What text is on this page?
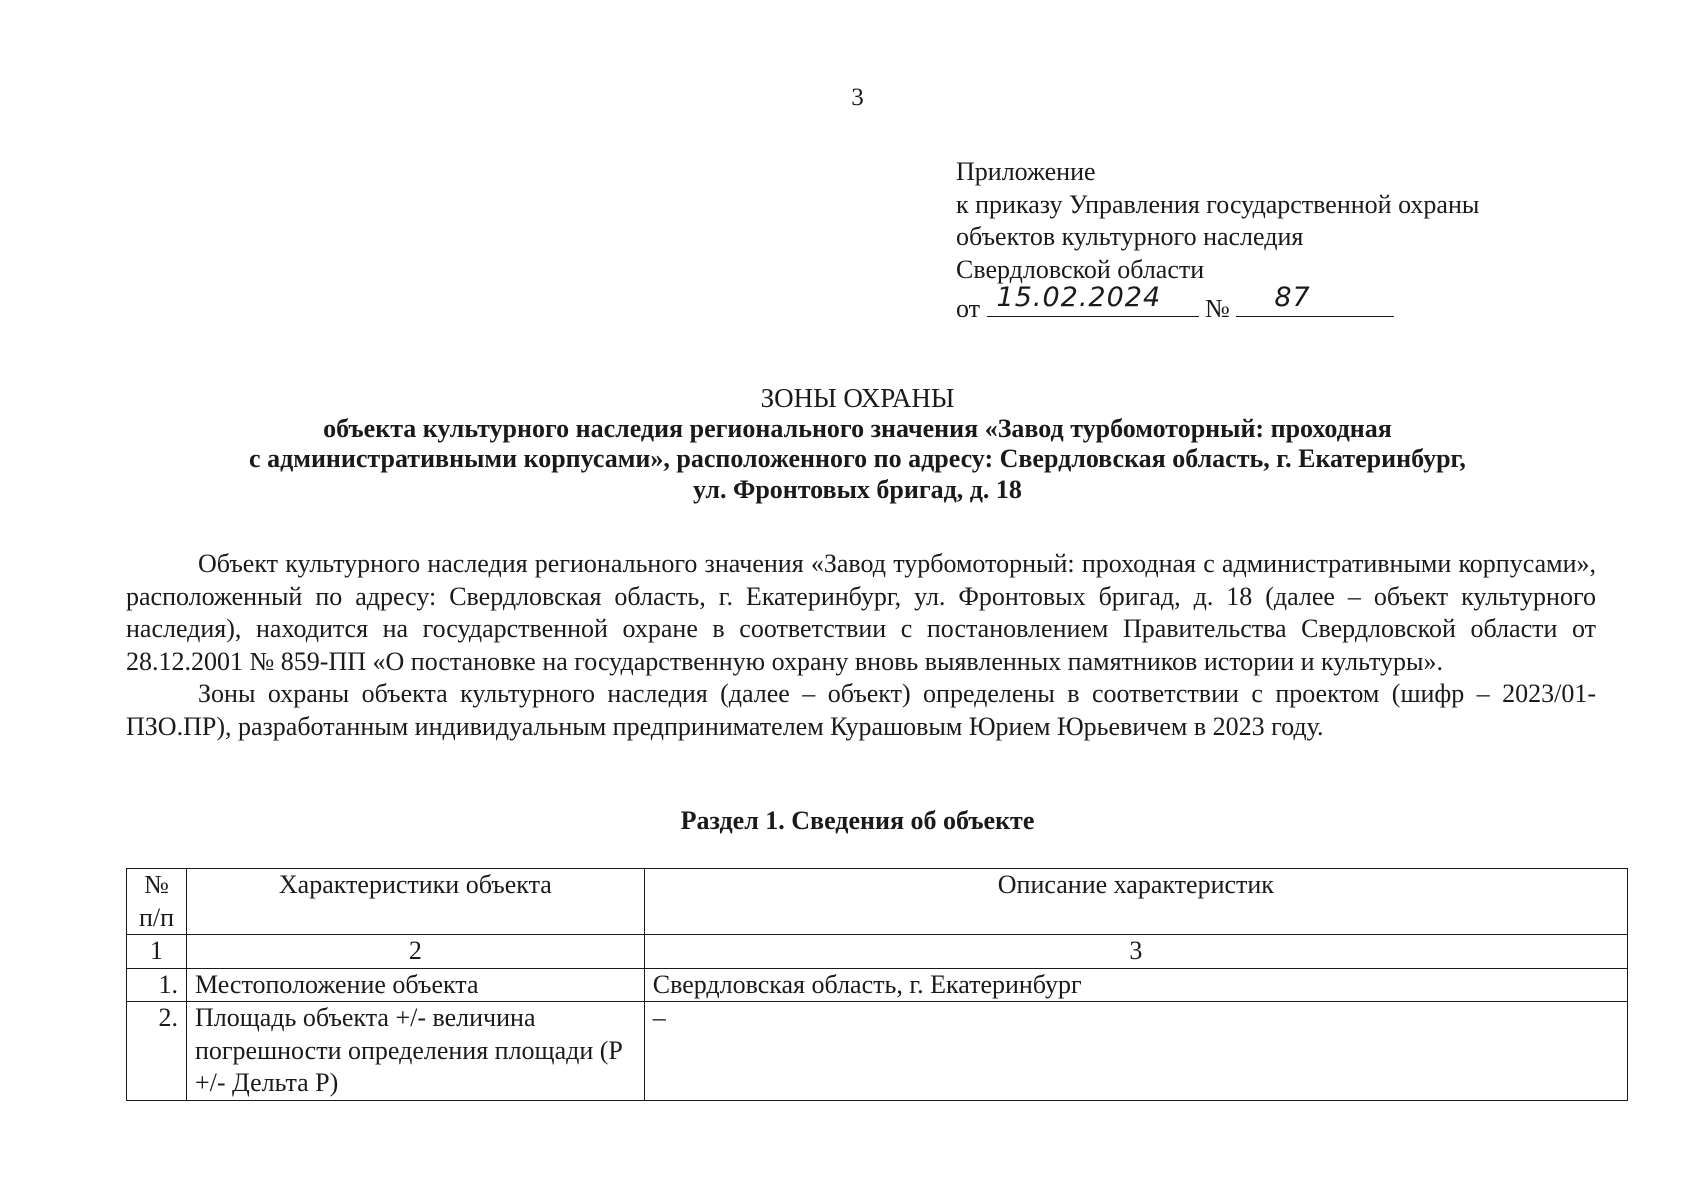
3
Приложение
к приказу Управления государственной охраны
объектов культурного наследия
Свердловской области
от 15.02.2024 № 87
ЗОНЫ ОХРАНЫ
объекта культурного наследия регионального значения «Завод турбомоторный: проходная
с административными корпусами», расположенного по адресу: Свердловская область, г. Екатеринбург,
ул. Фронтовых бригад, д. 18

Объект культурного наследия регионального значения «Завод турбомоторный: проходная с административными корпусами», расположенный по адресу: Свердловская область, г. Екатеринбург, ул. Фронтовых бригад, д. 18 (далее – объект культурного наследия), находится на государственной охране в соответствии с постановлением Правительства Свердловской области от 28.12.2001 № 859-ПП «О постановке на государственную охрану вновь выявленных памятников истории и культуры».

Зоны охраны объекта культурного наследия (далее – объект) определены в соответствии с проектом (шифр – 2023/01-ПЗО.ПР), разработанным индивидуальным предпринимателем Курашовым Юрием Юрьевичем в 2023 году.

Раздел 1. Сведения об объекте
№ п/п	Характеристики объекта	Описание характеристик
1	2	3
1.	Местоположение объекта	Свердловская область, г. Екатеринбург
2.	Площадь объекта +/- величина погрешности определения площади (Р +/- Дельта Р)	–
